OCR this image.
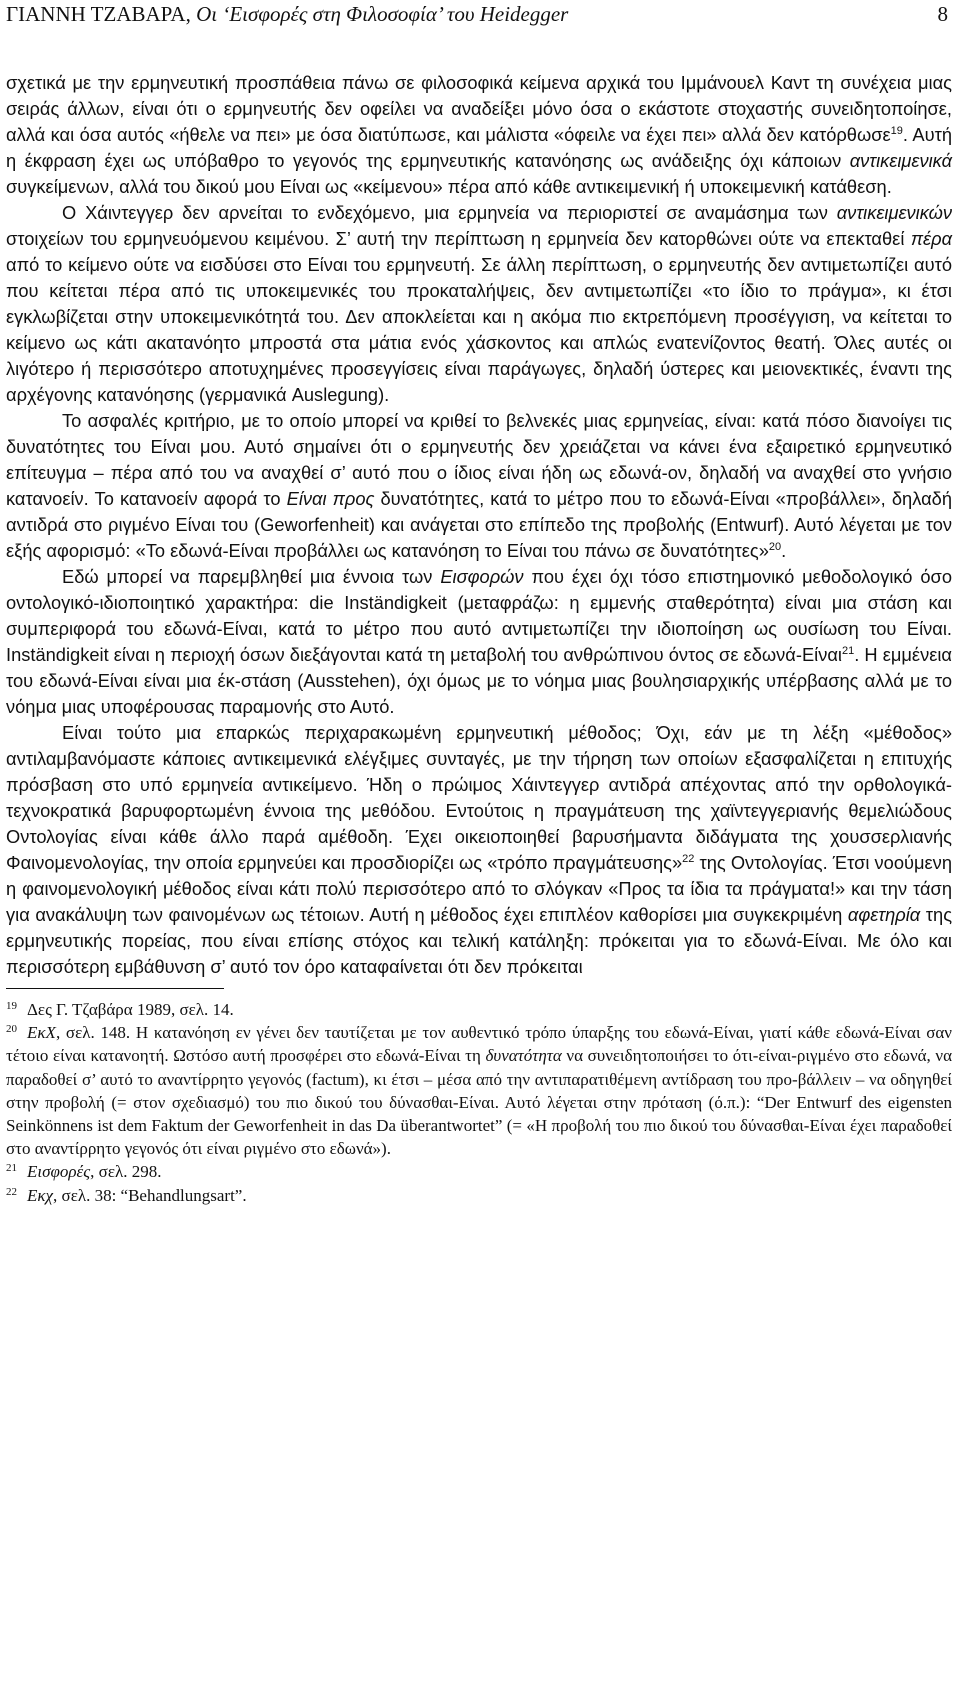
ΓΙΑΝΝΗ ΤΖΑΒΑΡΑ, Οι ‘Εισφορές στη Φιλοσοφία’ του Heidegger	8

σχετικά με την ερμηνευτική προσπάθεια πάνω σε φιλοσοφικά κείμενα αρχικά του Ιμμάνουελ Καντ τη συνέχεια μιας σειράς άλλων, είναι ότι ο ερμηνευτής δεν οφείλει να αναδείξει μόνο όσα ο εκάστοτε στοχαστής συνειδητοποίησε, αλλά και όσα αυτός «ήθελε να πει» με όσα διατύπωσε, και μάλιστα «όφειλε να έχει πει» αλλά δεν κατόρθωσε$^{19}$. Αυτή η έκφραση έχει ως υπόβαθρο το γεγονός της ερμηνευτικής κατανόησης ως ανάδειξης όχι κάποιων αντικειμενικά συγκείμενων, αλλά του δικού μου Είναι ως «κείμενου» πέρα από κάθε αντικειμενική ή υποκειμενική κατάθεση.

Ο Χάιντεγγερ δεν αρνείται το ενδεχόμενο, μια ερμηνεία να περιοριστεί σε αναμάσημα των αντικειμενικών στοιχείων του ερμηνευόμενου κειμένου. Σ’ αυτή την περίπτωση η ερμηνεία δεν κατορθώνει ούτε να επεκταθεί πέρα από το κείμενο ούτε να εισδύσει στο Είναι του ερμηνευτή. Σε άλλη περίπτωση, ο ερμηνευτής δεν αντιμετωπίζει αυτό που κείτεται πέρα από τις υποκειμενικές του προκαταλήψεις, δεν αντιμετωπίζει «το ίδιο το πράγμα», κι έτσι εγκλωβίζεται στην υποκειμενικότητά του. Δεν αποκλείεται και η ακόμα πιο εκτρεπόμενη προσέγγιση, να κείτεται το κείμενο ως κάτι ακατανόητο μπροστά στα μάτια ενός χάσκοντος και απλώς ενατενίζοντος θεατή. Όλες αυτές οι λιγότερο ή περισσότερο αποτυχημένες προσεγγίσεις είναι παράγωγες, δηλαδή ύστερες και μειονεκτικές, έναντι της αρχέγονης κατανόησης (γερμανικά Auslegung).

Το ασφαλές κριτήριο, με το οποίο μπορεί να κριθεί το βελνεκές μιας ερμηνείας, είναι: κατά πόσο διανοίγει τις δυνατότητες του Είναι μου. Αυτό σημαίνει ότι ο ερμηνευτής δεν χρειάζεται να κάνει ένα εξαιρετικό ερμηνευτικό επίτευγμα – πέρα από του να αναχθεί σ’ αυτό που ο ίδιος είναι ήδη ως εδωνά-ον, δηλαδή να αναχθεί στο γνήσιο κατανοείν. Το κατανοείν αφορά το Είναι προς δυνατότητες, κατά το μέτρο που το εδωνά-Είναι «προβάλλει», δηλαδή αντιδρά στο ριγμένο Είναι του (Geworfenheit) και ανάγεται στο επίπεδο της προβολής (Entwurf). Αυτό λέγεται με τον εξής αφορισμό: «Το εδωνά-Είναι προβάλλει ως κατανόηση το Είναι του πάνω σε δυνατότητες»$^{20}$.

Εδώ μπορεί να παρεμβληθεί μια έννοια των Εισφορών που έχει όχι τόσο επιστημονικό μεθοδολογικό όσο οντολογικό-ιδιοποιητικό χαρακτήρα: die Inständigkeit (μεταφράζω: η εμμενής σταθερότητα) είναι μια στάση και συμπεριφορά του εδωνά-Είναι, κατά το μέτρο που αυτό αντιμετωπίζει την ιδιοποίηση ως ουσίωση του Είναι. Inständigkeit είναι η περιοχή όσων διεξάγονται κατά τη μεταβολή του ανθρώπινου όντος σε εδωνά-Είναι$^{21}$. Η εμμένεια του εδωνά-Είναι είναι μια έκ-στάση (Ausstehen), όχι όμως με το νόημα μιας βουλησιαρχικής υπέρβασης αλλά με το νόημα μιας υποφέρουσας παραμονής στο Αυτό.

Είναι τούτο μια επαρκώς περιχαρακωμένη ερμηνευτική μέθοδος; Όχι, εάν με τη λέξη «μέθοδος» αντιλαμβανόμαστε κάποιες αντικειμενικά ελέγξιμες συνταγές, με την τήρηση των οποίων εξασφαλίζεται η επιτυχής πρόσβαση στο υπό ερμηνεία αντικείμενο. Ήδη ο πρώιμος Χάιντεγγερ αντιδρά απέχοντας από την ορθολογικά-τεχνοκρατικά βαρυφορτωμένη έννοια της μεθόδου. Εντούτοις η πραγμάτευση της χαϊντεγγεριανής θεμελιώδους Οντολογίας είναι κάθε άλλο παρά αμέθοδη. Έχει οικειοποιηθεί βαρυσήμαντα διδάγματα της χουσσερλιανής Φαινομενολογίας, την οποία ερμηνεύει και προσδιορίζει ως «τρόπο πραγμάτευσης»$^{22}$ της Οντολογίας. Έτσι νοούμενη η φαινομενολογική μέθοδος είναι κάτι πολύ περισσότερο από το σλόγκαν «Προς τα ίδια τα πράγματα!» και την τάση για ανακάλυψη των φαινομένων ως τέτοιων. Αυτή η μέθοδος έχει επιπλέον καθορίσει μια συγκεκριμένη αφετηρία της ερμηνευτικής πορείας, που είναι επίσης στόχος και τελική κατάληξη: πρόκειται για το εδωνά-Είναι. Με όλο και περισσότερη εμβάθυνση σ’ αυτό τον όρο καταφαίνεται ότι δεν πρόκειται

$^{19}$ Δες Γ. Τζαβάρα 1989, σελ. 14.

$^{20}$ ΕκΧ, σελ. 148. Η κατανόηση εν γένει δεν ταυτίζεται με τον αυθεντικό τρόπο ύπαρξης του εδωνά-Είναι, γιατί κάθε εδωνά-Είναι σαν τέτοιο είναι κατανοητή. Ωστόσο αυτή προσφέρει στο εδωνά-Είναι τη δυνατότητα να συνειδητοποιήσει το ότι-είναι-ριγμένο στο εδωνά, να παραδοθεί σ’ αυτό το αναντίρρητο γεγονός (factum), κι έτσι – μέσα από την αντιπαρατιθέμενη αντίδραση του προ-βάλλειν – να οδηγηθεί στην προβολή (= στον σχεδιασμό) του πιο δικού του δύνασθαι-Είναι. Αυτό λέγεται στην πρόταση (ό.π.): “Der Entwurf des eigensten Seinkönnens ist dem Faktum der Geworfenheit in das Da überantwortet” (= «Η προβολή του πιο δικού του δύνασθαι-Είναι έχει παραδοθεί στο αναντίρρητο γεγονός ότι είναι ριγμένο στο εδωνά»).

$^{21}$ Εισφορές, σελ. 298.

$^{22}$ Εκχ, σελ. 38: “Behandlungsart”.
